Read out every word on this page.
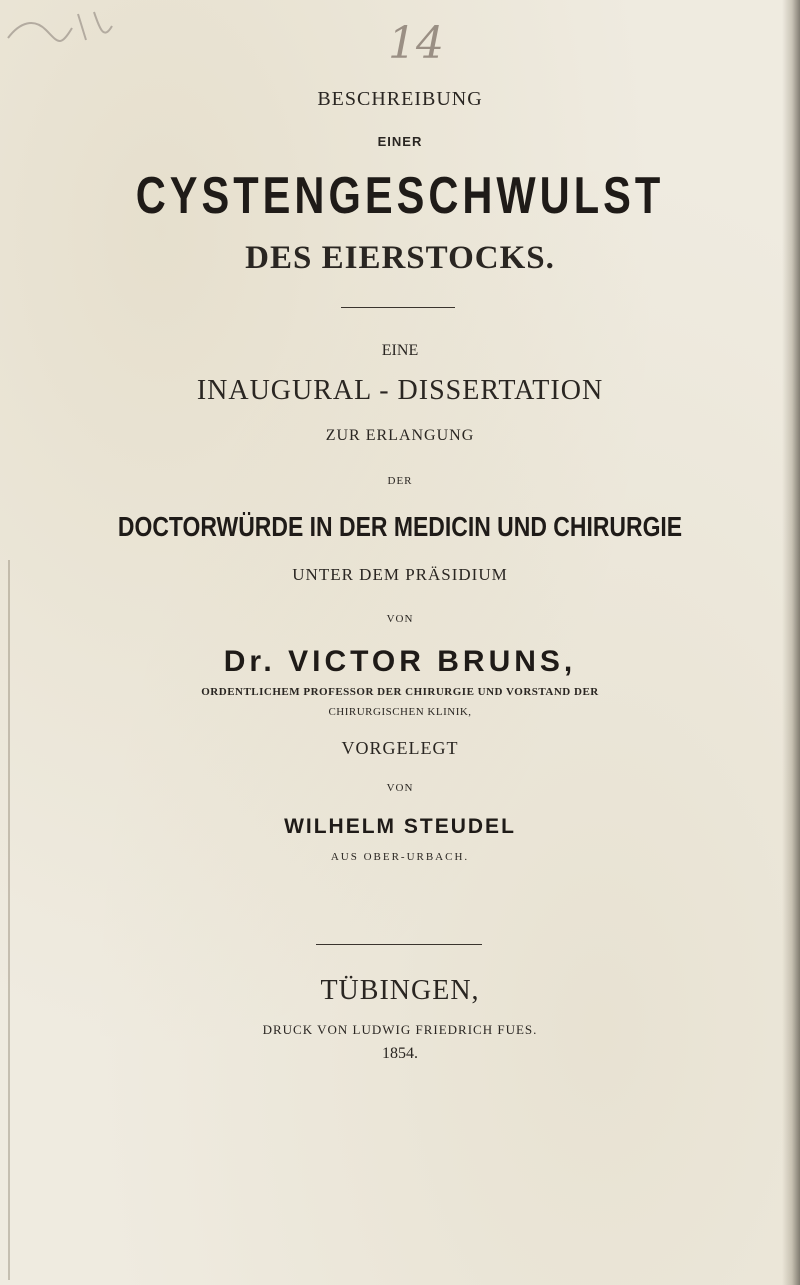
14
BESCHREIBUNG
EINER
CYSTENGESCHWULST
DES EIERSTOCKS.
EINE
INAUGURAL - DISSERTATION
ZUR ERLANGUNG
DER
DOCTORWÜRDE IN DER MEDICIN UND CHIRURGIE
UNTER DEM PRÄSIDIUM
VON
Dr. VICTOR BRUNS,
ORDENTLICHEM PROFESSOR DER CHIRURGIE UND VORSTAND DER
CHIRURGISCHEN KLINIK,
VORGELEGT
VON
WILHELM STEUDEL
AUS OBER-URBACH.
TÜBINGEN,
DRUCK VON LUDWIG FRIEDRICH FUES.
1854.
